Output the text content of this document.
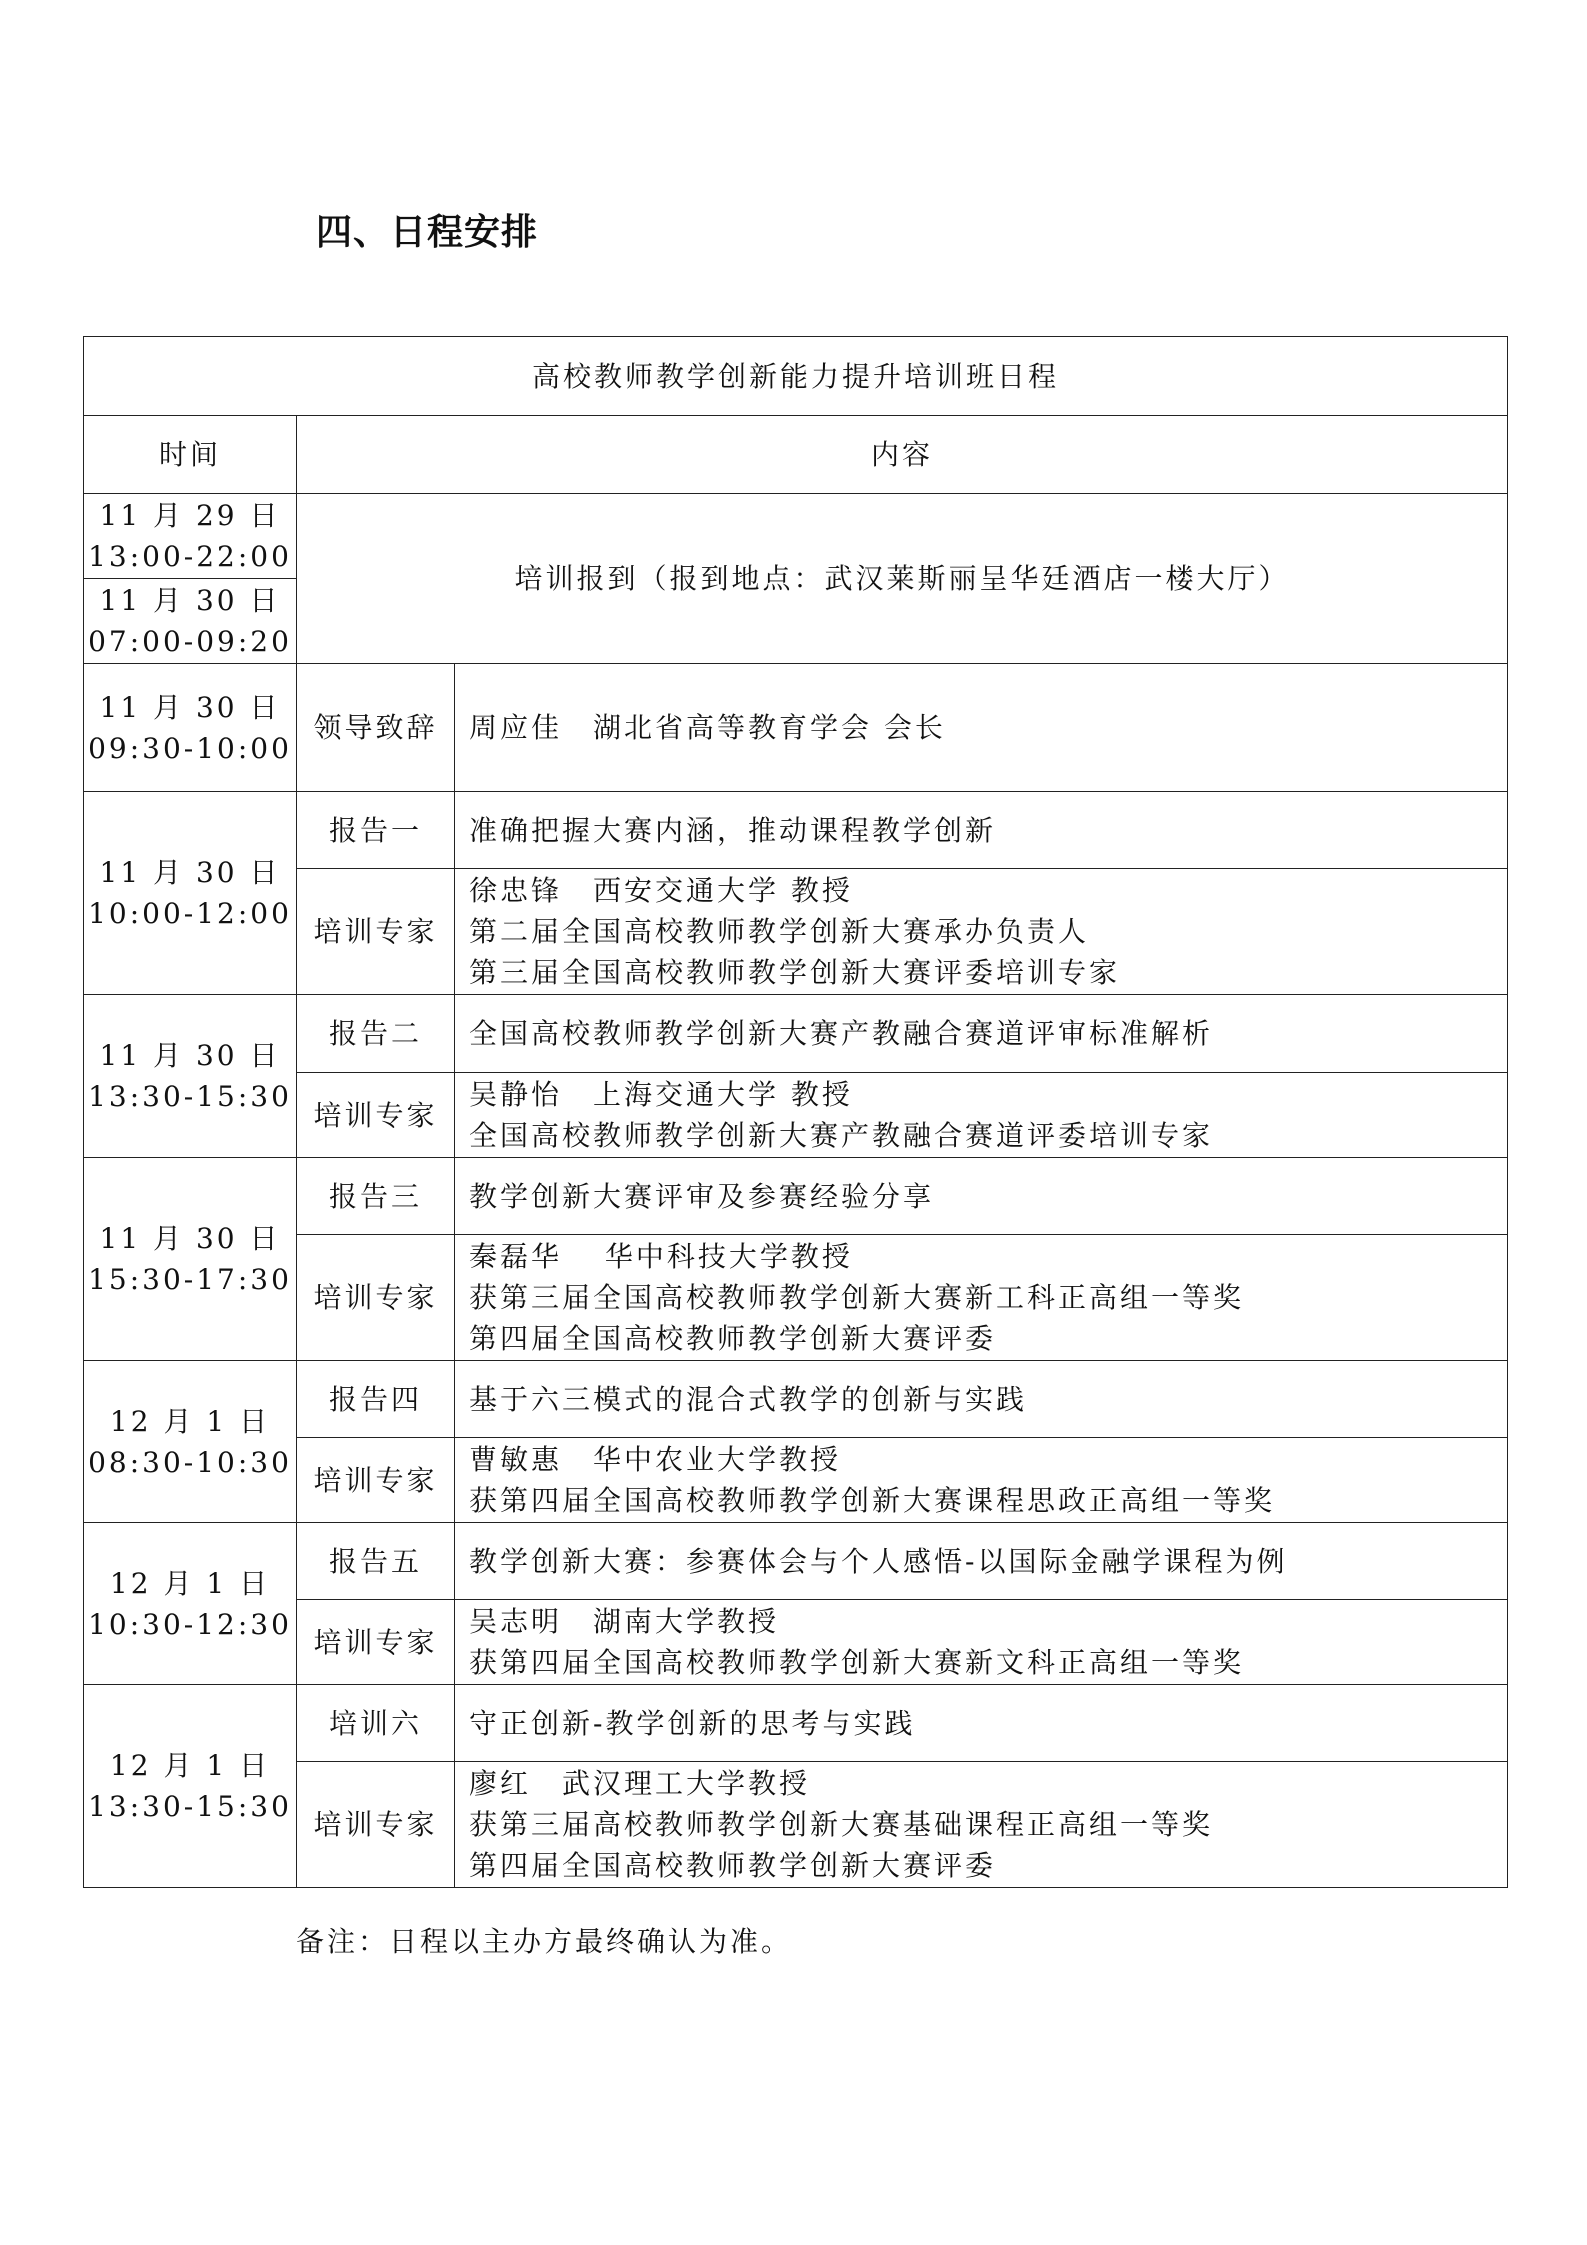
四、日程安排
高校教师教学创新能力提升培训班日程		
时间	内容	

11 月 29 日
13:00-22:00	培训报到（报到地点：武汉莱斯丽呈华廷酒店一楼大厅）	

11 月 30 日
07:00-09:20		

11 月 30 日
09:30-10:00	领导致辞	周应佳　湖北省高等教育学会 会长

11 月 30 日
10:00-12:00	报告一	准确把握大赛内涵，推动课程教学创新
	培训专家	徐忠锋　西安交通大学 教授
第二届全国高校教师教学创新大赛承办负责人
第三届全国高校教师教学创新大赛评委培训专家

11 月 30 日
13:30-15:30	报告二	全国高校教师教学创新大赛产教融合赛道评审标准解析
	培训专家	吴静怡　上海交通大学 教授
全国高校教师教学创新大赛产教融合赛道评委培训专家

11 月 30 日
15:30-17:30	报告三	教学创新大赛评审及参赛经验分享
	培训专家	秦磊华　 华中科技大学教授
获第三届全国高校教师教学创新大赛新工科正高组一等奖
第四届全国高校教师教学创新大赛评委

12 月 1 日
08:30-10:30	报告四	基于六三模式的混合式教学的创新与实践
	培训专家	曹敏惠　华中农业大学教授
获第四届全国高校教师教学创新大赛课程思政正高组一等奖

12 月 1 日
10:30-12:30	报告五	教学创新大赛：参赛体会与个人感悟-以国际金融学课程为例
	培训专家	吴志明　湖南大学教授
获第四届全国高校教师教学创新大赛新文科正高组一等奖

12 月 1 日
13:30-15:30	培训六	守正创新-教学创新的思考与实践
	培训专家	廖红　武汉理工大学教授
获第三届高校教师教学创新大赛基础课程正高组一等奖
第四届全国高校教师教学创新大赛评委

备注：日程以主办方最终确认为准。
